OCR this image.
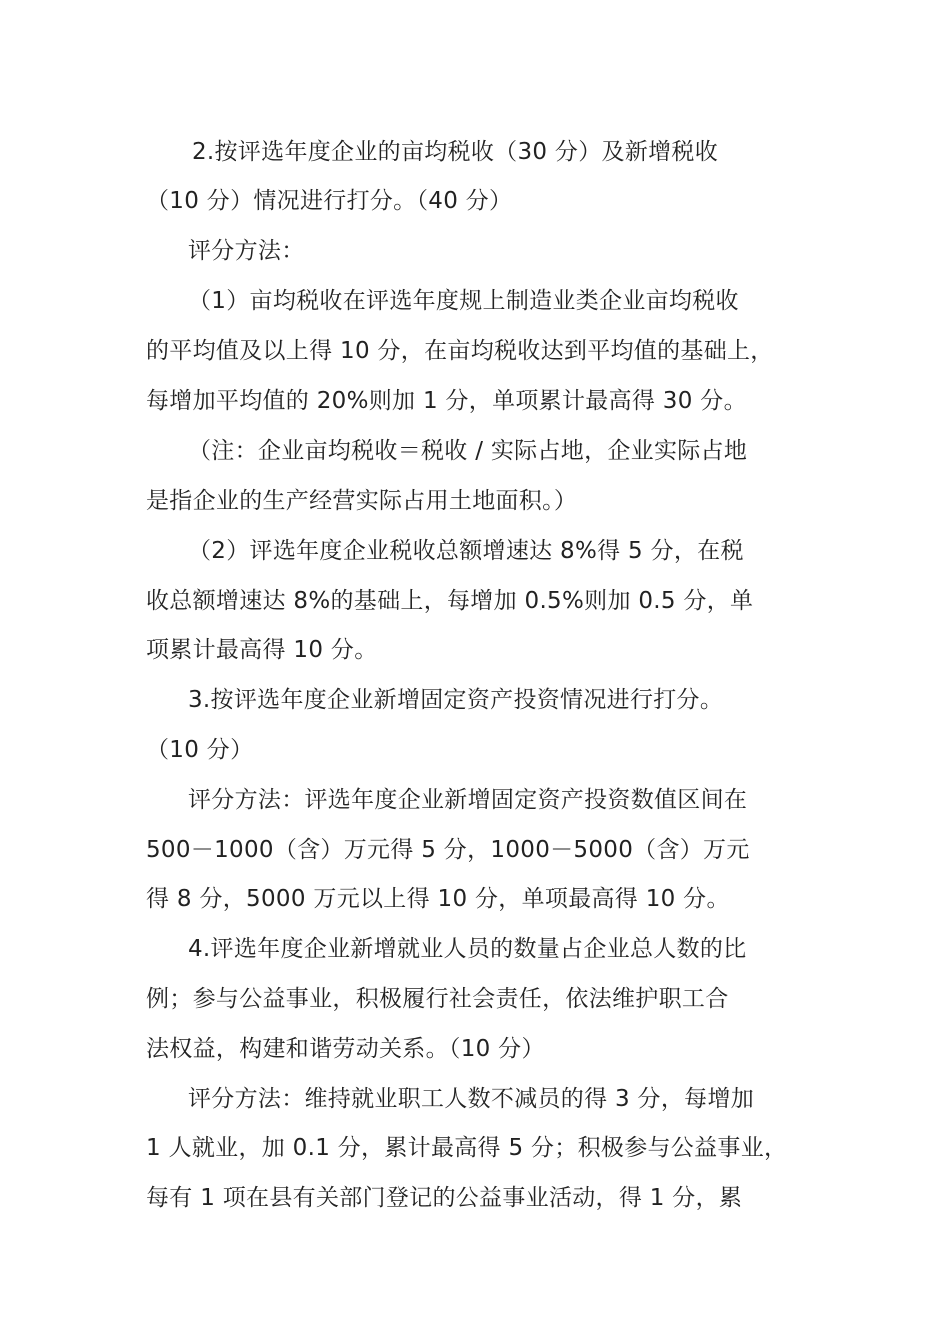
2.按评选年度企业的亩均税收（30 分）及新增税收

（10 分）情况进行打分。（40 分）

评分方法：

（1）亩均税收在评选年度规上制造业类企业亩均税收

的平均值及以上得 10 分，在亩均税收达到平均值的基础上，

每增加平均值的 20%则加 1 分，单项累计最高得 30 分。

（注：企业亩均税收＝税收 / 实际占地，企业实际占地

是指企业的生产经营实际占用土地面积。）

（2）评选年度企业税收总额增速达 8%得 5 分，在税

收总额增速达 8%的基础上，每增加 0.5%则加 0.5 分，单

项累计最高得 10 分。

3.按评选年度企业新增固定资产投资情况进行打分。

（10 分）

评分方法：评选年度企业新增固定资产投资数值区间在

500－1000（含）万元得 5 分，1000－5000（含）万元

得 8 分，5000 万元以上得 10 分，单项最高得 10 分。

4.评选年度企业新增就业人员的数量占企业总人数的比

例；参与公益事业，积极履行社会责任，依法维护职工合

法权益，构建和谐劳动关系。（10 分）

评分方法：维持就业职工人数不减员的得 3 分，每增加

1 人就业，加 0.1 分，累计最高得 5 分；积极参与公益事业，

每有 1 项在县有关部门登记的公益事业活动，得 1 分，累
